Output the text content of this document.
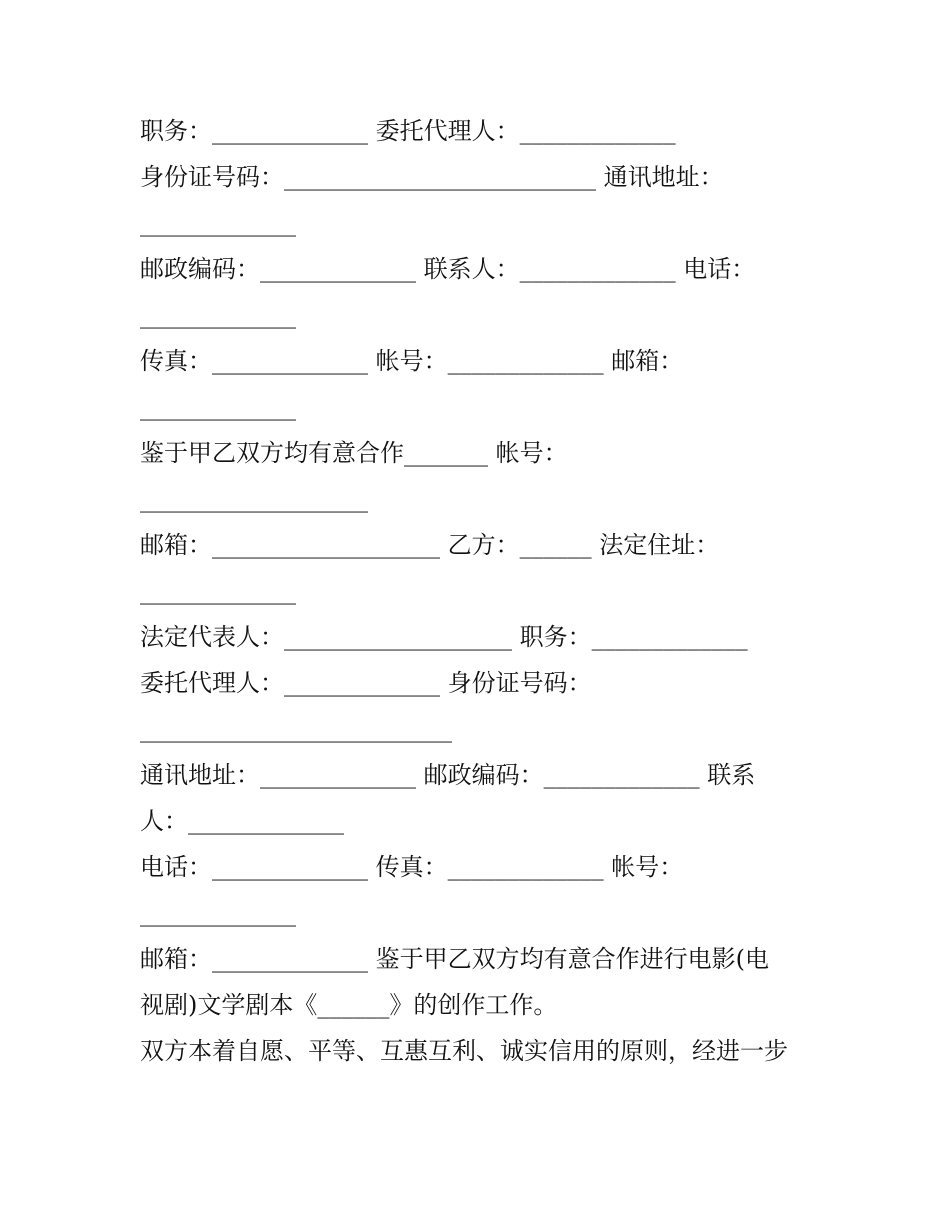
职务：_____________ 委托代理人：_____________
身份证号码：__________________________ 通讯地址：
_____________
邮政编码：_____________ 联系人：_____________ 电话：
_____________
传真：_____________ 帐号：_____________ 邮箱：
_____________
鉴于甲乙双方均有意合作_______ 帐号：
___________________
邮箱：___________________ 乙方：______ 法定住址：
_____________
法定代表人：___________________ 职务：_____________
委托代理人：_____________ 身份证号码：
__________________________
通讯地址：_____________ 邮政编码：_____________ 联系
人：_____________
电话：_____________ 传真：_____________ 帐号：
_____________
邮箱：_____________ 鉴于甲乙双方均有意合作进行电影(电
视剧)文学剧本《______》的创作工作。
双方本着自愿、平等、互惠互利、诚实信用的原则，经进一步
